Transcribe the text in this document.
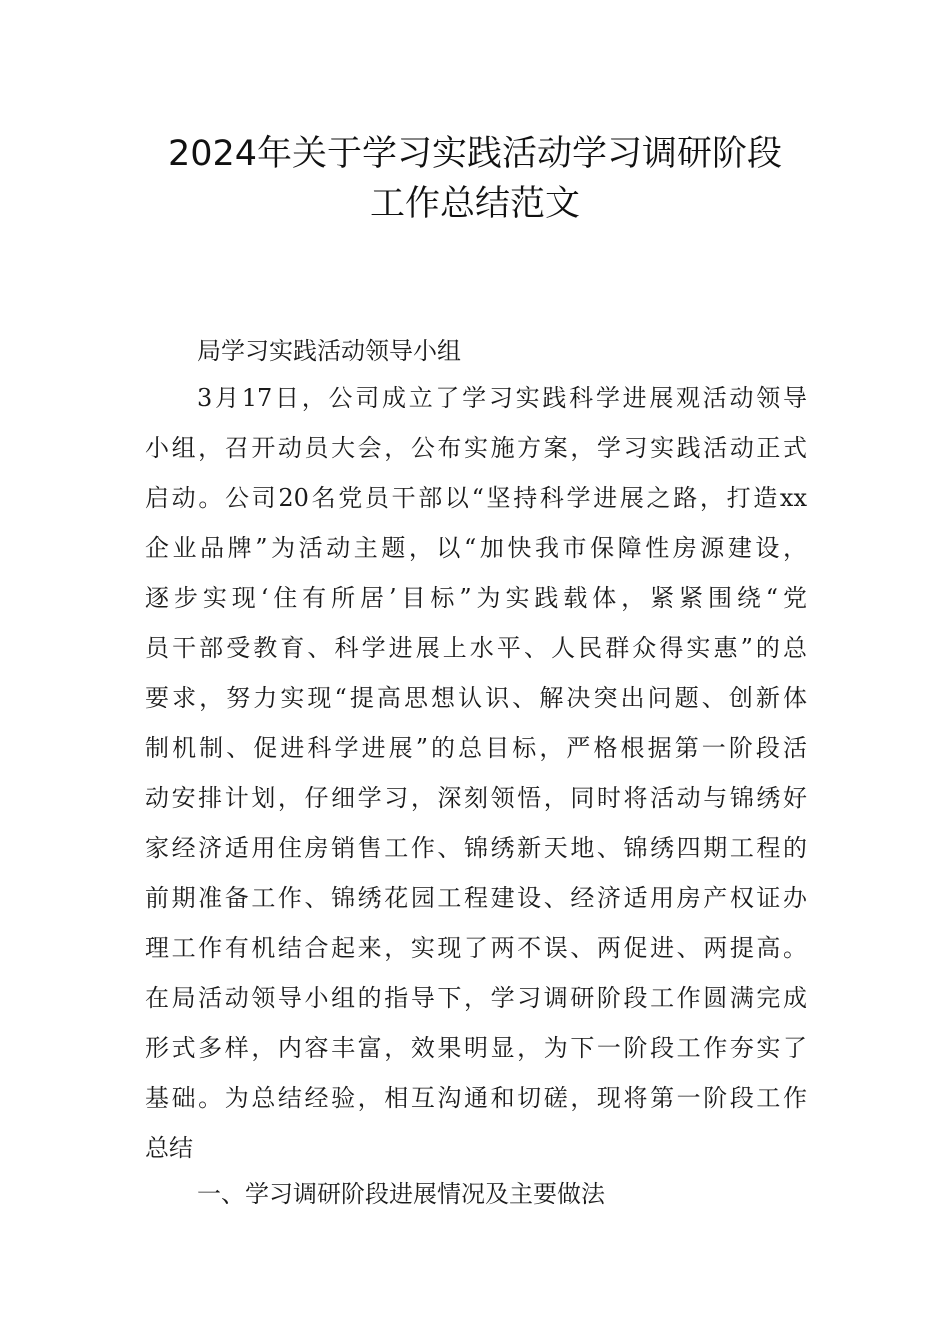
2024年关于学习实践活动学习调研阶段
工作总结范文
局学习实践活动领导小组
3月17日，公司成立了学习实践科学进展观活动领导
小组，召开动员大会，公布实施方案，学习实践活动正式
启动。公司20名党员干部以“坚持科学进展之路，打造xx
企业品牌”为活动主题，以“加快我市保障性房源建设，
逐步实现‘住有所居’目标”为实践载体，紧紧围绕“党
员干部受教育、科学进展上水平、人民群众得实惠”的总
要求，努力实现“提高思想认识、解决突出问题、创新体
制机制、促进科学进展”的总目标，严格根据第一阶段活
动安排计划，仔细学习，深刻领悟，同时将活动与锦绣好
家经济适用住房销售工作、锦绣新天地、锦绣四期工程的
前期准备工作、锦绣花园工程建设、经济适用房产权证办
理工作有机结合起来，实现了两不误、两促进、两提高。
在局活动领导小组的指导下，学习调研阶段工作圆满完成
形式多样，内容丰富，效果明显，为下一阶段工作夯实了
基础。为总结经验，相互沟通和切磋，现将第一阶段工作
总结
一、学习调研阶段进展情况及主要做法
